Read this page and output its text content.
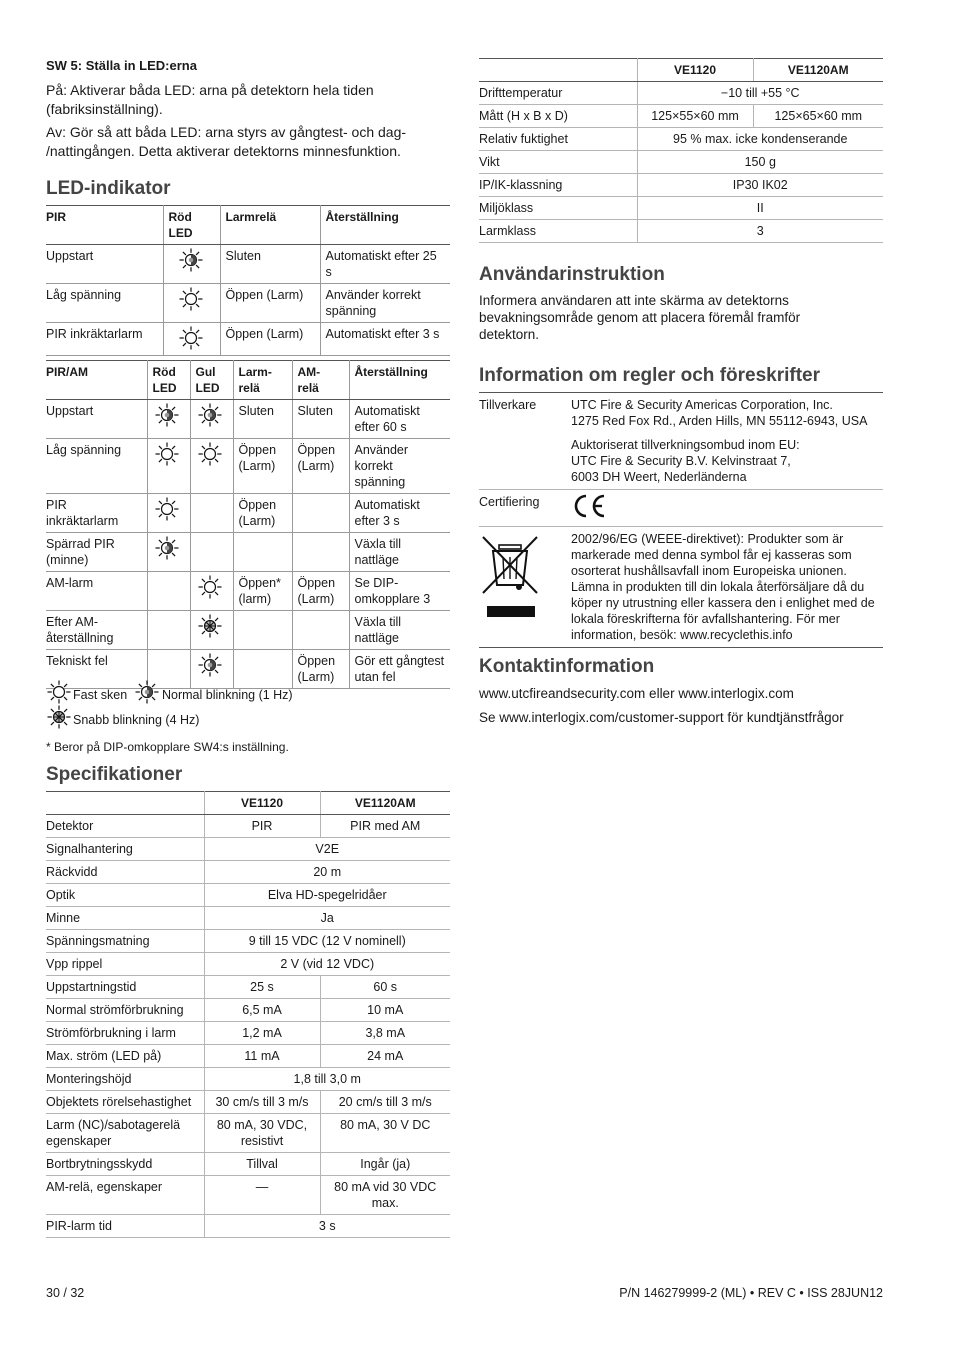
SW 5: Ställa in LED:erna
På: Aktiverar båda LED: arna på detektorn hela tiden (fabriksinställning).
Av: Gör så att båda LED: arna styrs av gångtest- och dag- /nattingången. Detta aktiverar detektorns minnesfunktion.
LED-indikator
PIR	Röd LED	Larmrelä	Återställning
Uppstart		Sluten	Automatiskt efter 25 s
Låg spänning		Öppen (Larm)	Använder korrekt spänning
PIR inkräktarlarm		Öppen (Larm)	Automatiskt efter 3 s
PIR/AM	Röd LED	Gul LED	Larm- relä	AM- relä	Återställning
Uppstart			Sluten	Sluten	Automatiskt efter 60 s
Låg spänning			Öppen (Larm)	Öppen (Larm)	Använder korrekt spänning
PIR inkräktarlarm			Öppen (Larm)		Automatiskt efter 3 s
Spärrad PIR (minne)					Växla till nattläge
AM-larm			Öppen* (larm)	Öppen (Larm)	Se DIP- omkopplare 3
Efter AM- återställning					Växla till nattläge
Tekniskt fel				Öppen (Larm)	Gör ett gångtest utan fel
Fast sken	Normal blinkning (1 Hz)
Snabb blinkning (4 Hz)
* Beror på DIP-omkopplare SW4:s inställning.
Specifikationer
	VE1120	VE1120AM
Detektor	PIR	PIR med AM
Signalhantering	V2E	
Räckvidd	20 m	
Optik	Elva HD-spegelridåer	
Minne	Ja	
Spänningsmatning	9 till 15 VDC (12 V nominell)	
Vpp rippel	2 V (vid 12 VDC)	
Uppstartningstid	25 s	60 s
Normal strömförbrukning	6,5 mA	10 mA
Strömförbrukning i larm	1,2 mA	3,8 mA
Max. ström (LED på)	11 mA	24 mA
Monteringshöjd	1,8 till 3,0 m	
Objektets rörelsehastighet	30 cm/s till 3 m/s	20 cm/s till 3 m/s
Larm (NC)/sabotagerelä egenskaper	80 mA, 30 VDC, resistivt	80 mA, 30 V DC
Bortbrytningsskydd	Tillval	Ingår (ja)
AM-relä, egenskaper	—	80 mA vid 30 VDC max.
PIR-larm tid	3 s	
	VE1120	VE1120AM
Drifttemperatur	−10 till +55 °C	
Mått (H x B x D)	125×55×60 mm	125×65×60 mm
Relativ fuktighet	95 % max. icke kondenserande	
Vikt	150 g	
IP/IK-klassning	IP30 IK02	
Miljöklass	II	
Larmklass	3	
Användarinstruktion
Informera användaren att inte skärma av detektorns bevakningsområde genom att placera föremål framför detektorn.
Information om regler och föreskrifter
Tillverkare	UTC Fire & Security Americas Corporation, Inc.
1275 Red Fox Rd., Arden Hills, MN 55112-6943, USA
Auktoriserat tillverkningsombud inom EU:
UTC Fire & Security B.V. Kelvinstraat 7,
6003 DH Weert, Nederländerna

Certifiering	
	2002/96/EG (WEEE-direktivet): Produkter som är markerade med denna symbol får ej kasseras som osorterat hushållsavfall inom Europeiska unionen. Lämna in produkten till din lokala återförsäljare då du köper ny utrustning eller kassera den i enlighet med de lokala föreskrifterna för avfallshantering. För mer information, besök: www.recyclethis.info
Kontaktinformation
www.utcfireandsecurity.com eller www.interlogix.com
Se www.interlogix.com/customer-support för kundtjänstfrågor
30 / 32	P/N 146279999-2 (ML) • REV C • ISS 28JUN12
